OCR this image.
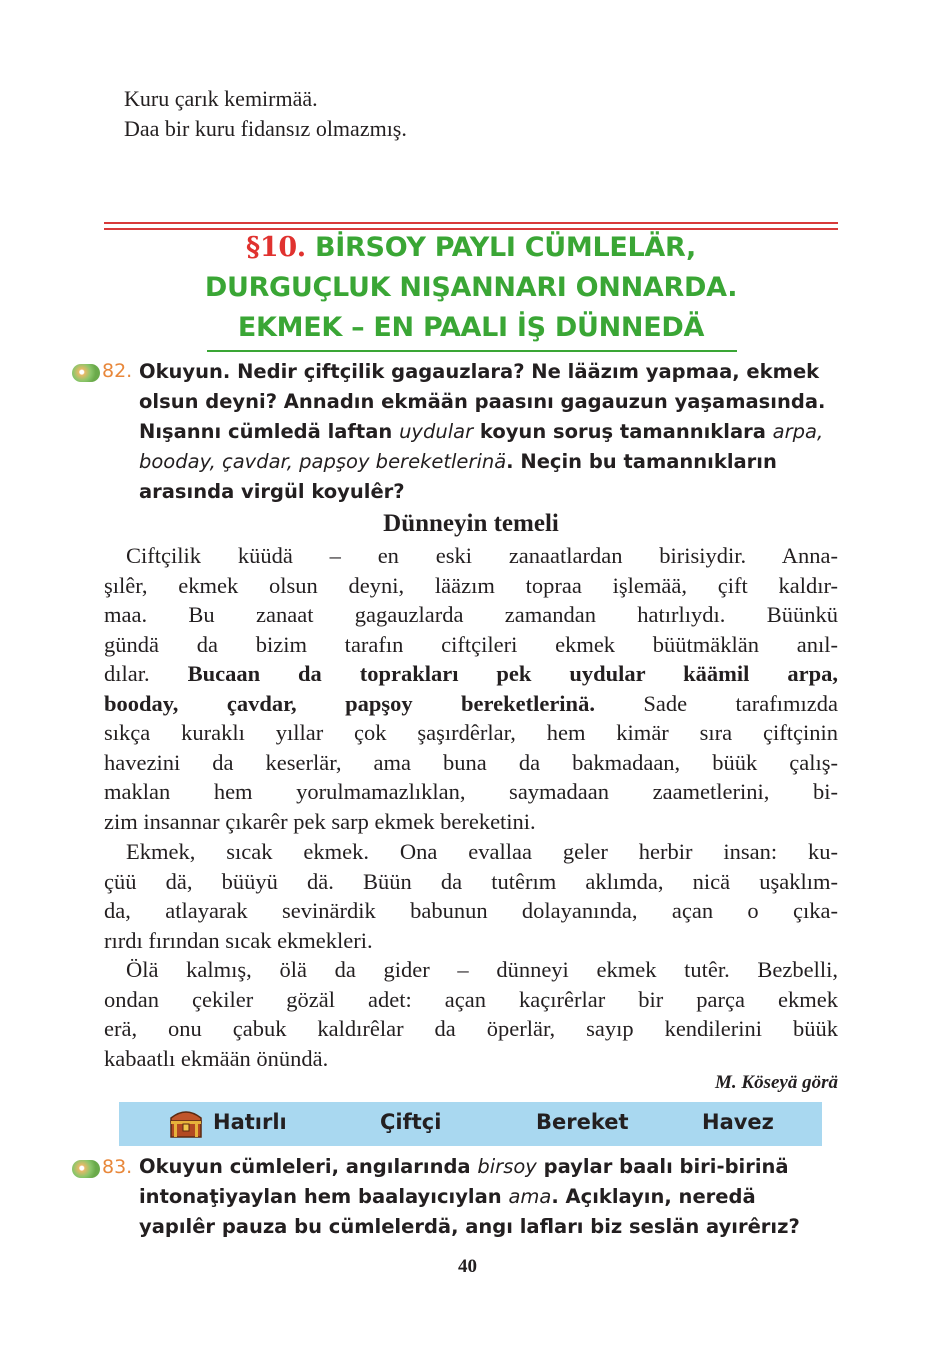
Kuru çarık kemirmää.
Daa bir kuru fidansız olmazmış.
§10. BİRSOY PAYLI CÜMLELÄR,
DURGUÇLUK NIŞANNARI ONNARDA.
EKMEK – EN PAALI İŞ DÜNNEDÄ
82. Okuyun. Nedir çiftçilik gagauzlara? Ne lääzım yapmaa, ekmek
olsun deyni? Annadın ekmään paasını gagauzun yaşamasında.
Nışannı cümledä laftan uydular koyun soruş tamannıklara arpa,
booday, çavdar, papşoy bereketlerinä. Neçin bu tamannıkların
arasında virgül koyulêr?
Dünneyin temeli
Ciftçilik küüdä – en eski zanaatlardan birisiydir. Anna-
şılêr, ekmek olsun deyni, lääzım topraa işlemää, çift kaldır-
maa. Bu zanaat gagauzlarda zamandan hatırlıydı. Büünkü
gündä da bizim tarafın ciftçileri ekmek büütmäklän anıl-
dılar. Bucaan da toprakları pek uydular käämil arpa,
booday, çavdar, papşoy bereketlerinä. Sade tarafımızda
sıkça kuraklı yıllar çok şaşırdêrlar, hem kimär sıra çiftçinin
havezini da keserlär, ama buna da bakmadaan, büük çalış-
maklan hem yorulmamazlıklan, saymadaan zaametlerini, bi-
zim insannar çıkarêr pek sarp ekmek bereketini.
Ekmek, sıcak ekmek. Ona evallaa geler herbir insan: ku-
çüü dä, büüyü dä. Büün da tutêrım aklımda, nicä uşaklım-
da, atlayarak sevinärdik babunun dolayanında, açan o çıka-
rırdı fırından sıcak ekmekleri.
Ölä kalmış, ölä da gider – dünneyi ekmek tutêr. Bezbelli,
ondan çekiler gözäl adet: açan kaçırêrlar bir parça ekmek
erä, onu çabuk kaldırêlar da öperlär, sayıp kendilerini büük
kabaatlı ekmään önündä.
M. Köseyä görä
Hatırlı	Çiftçi	Bereket	Havez
83. Okuyun cümleleri, angılarında birsoy paylar baalı biri-birinä
intonaţiyaylan hem baalayıcıylan ama. Açıklayın, neredä
yapılêr pauza bu cümlelerdä, angı lafları biz seslän ayırêrız?
40
